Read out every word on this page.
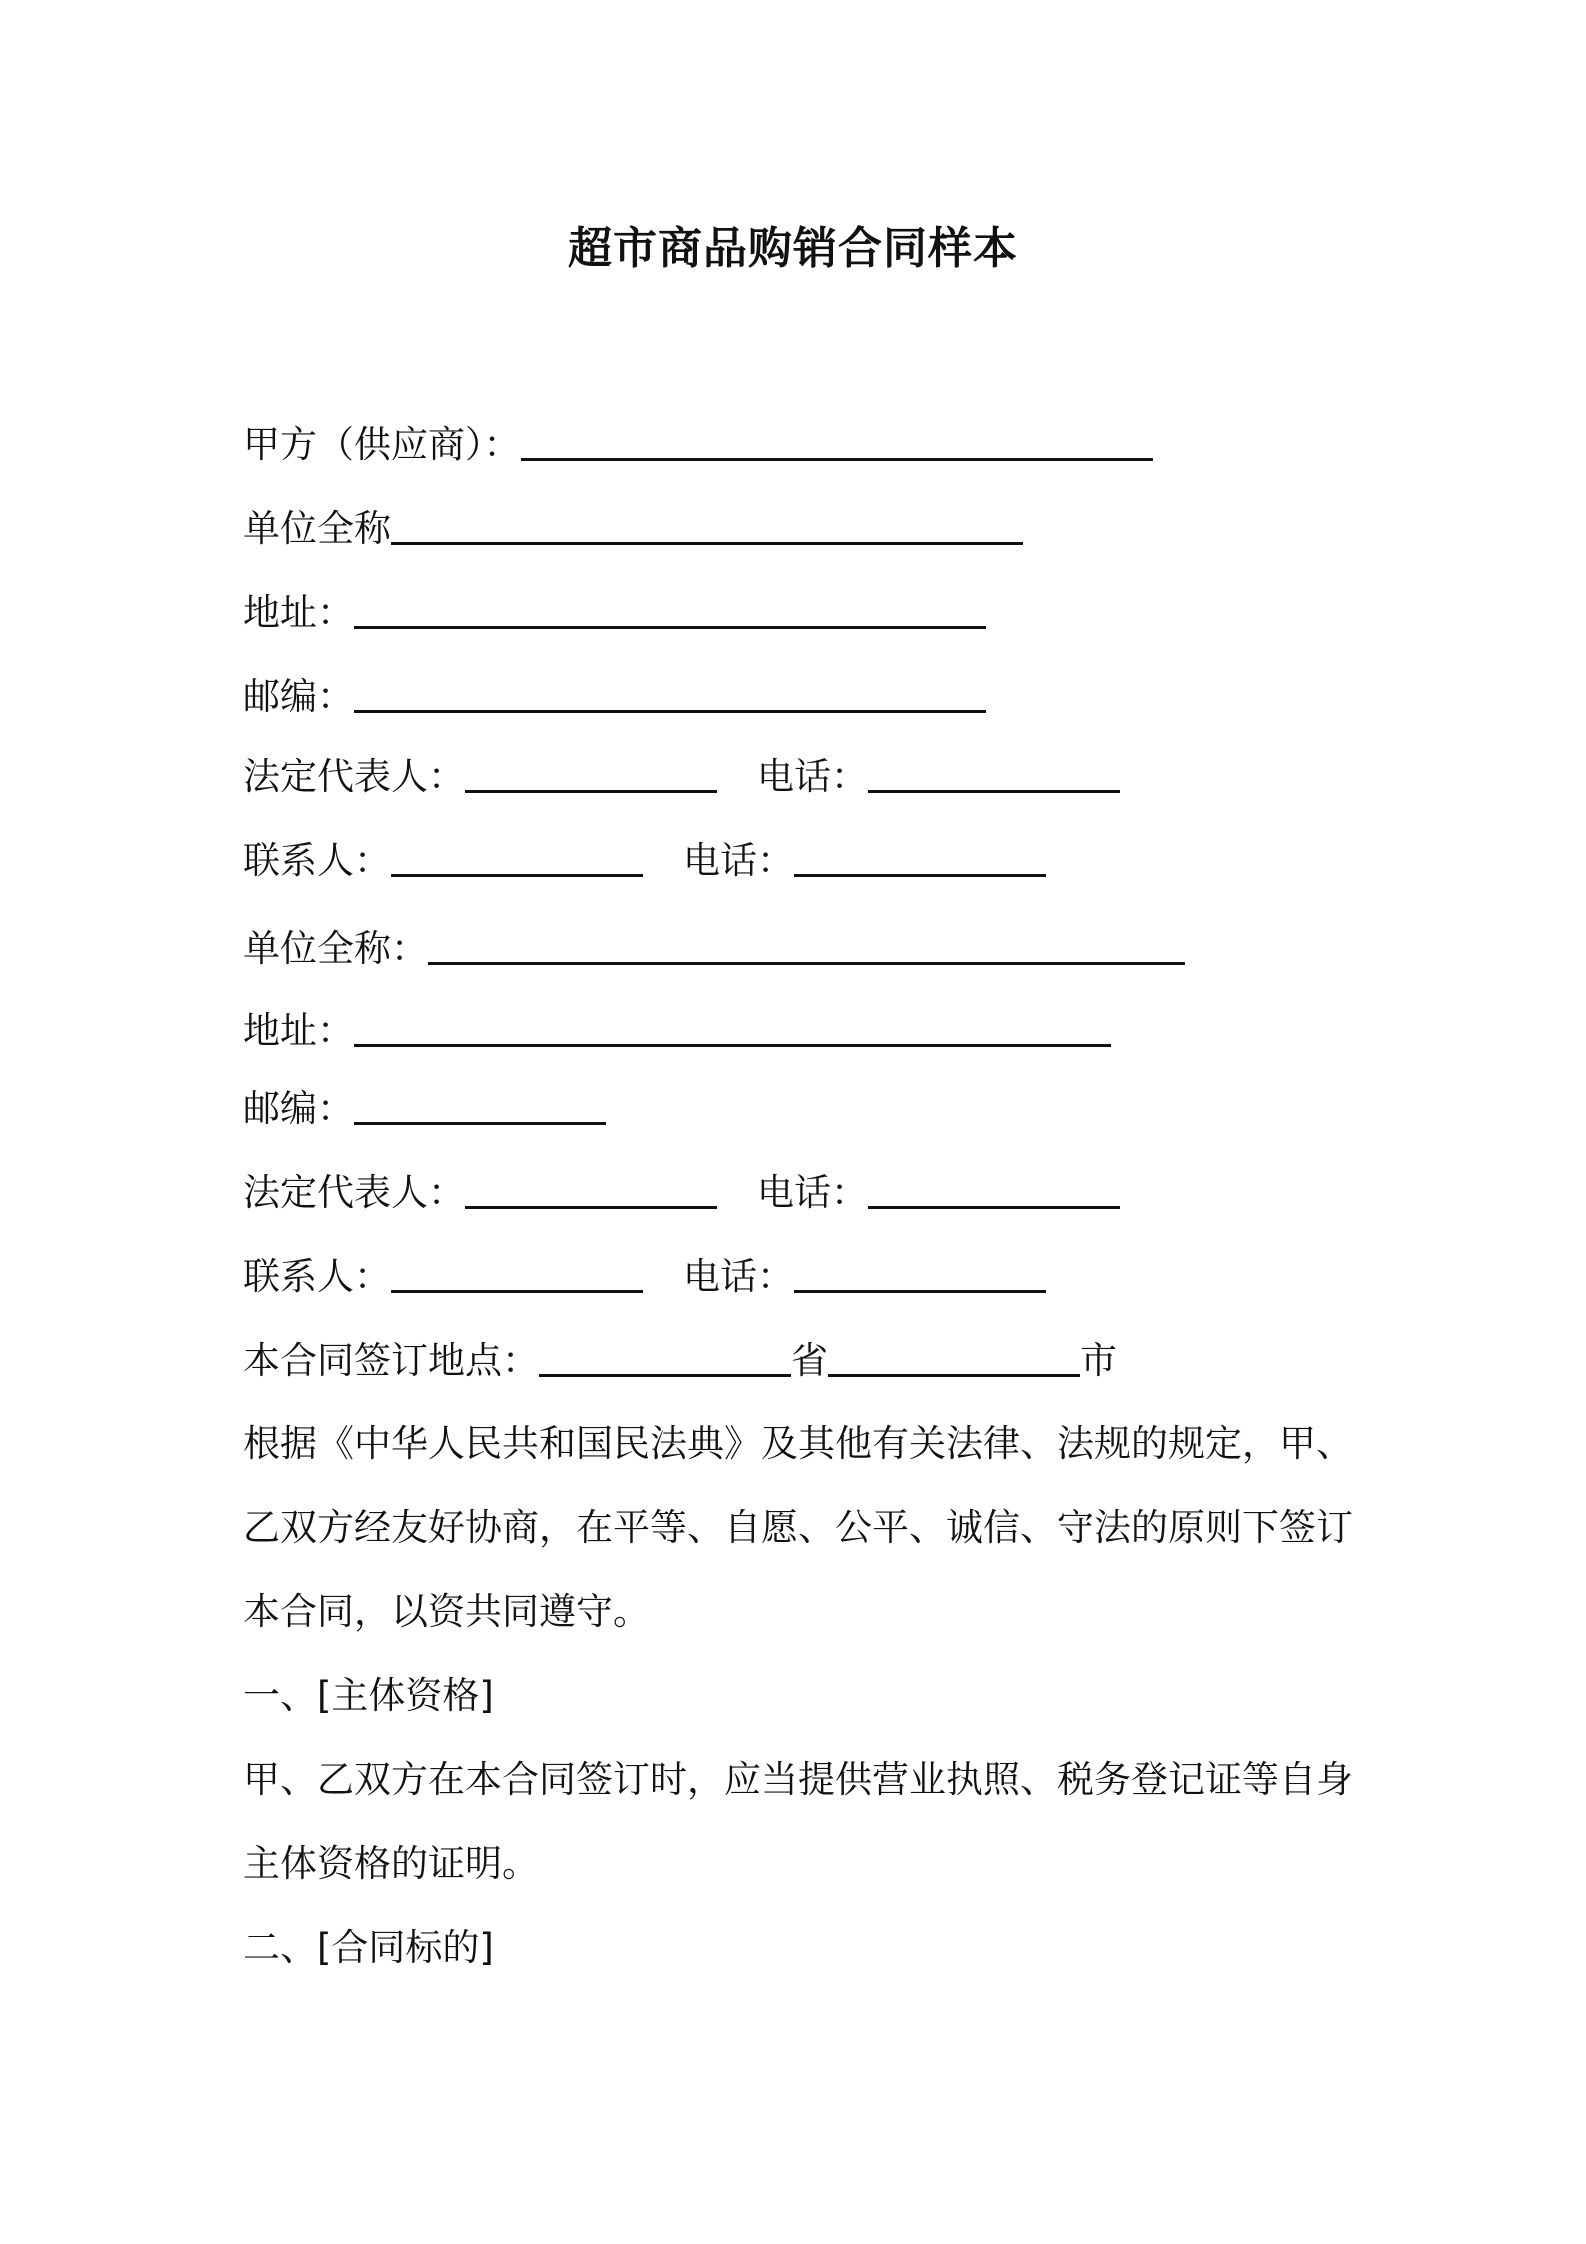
超市商品购销合同样本
甲方（供应商）：
单位全称
地址：
邮编：
法定代表人：	电话：
联系人：	电话：
单位全称：
地址：
邮编：
法定代表人：	电话：
联系人：	电话：
本合同签订地点：	省	市
根据《中华人民共和国民法典》及其他有关法律、法规的规定，甲、
乙双方经友好协商，在平等、自愿、公平、诚信、守法的原则下签订
本合同，以资共同遵守。
一、[主体资格]
甲、乙双方在本合同签订时，应当提供营业执照、税务登记证等自身
主体资格的证明。
二、[合同标的]
